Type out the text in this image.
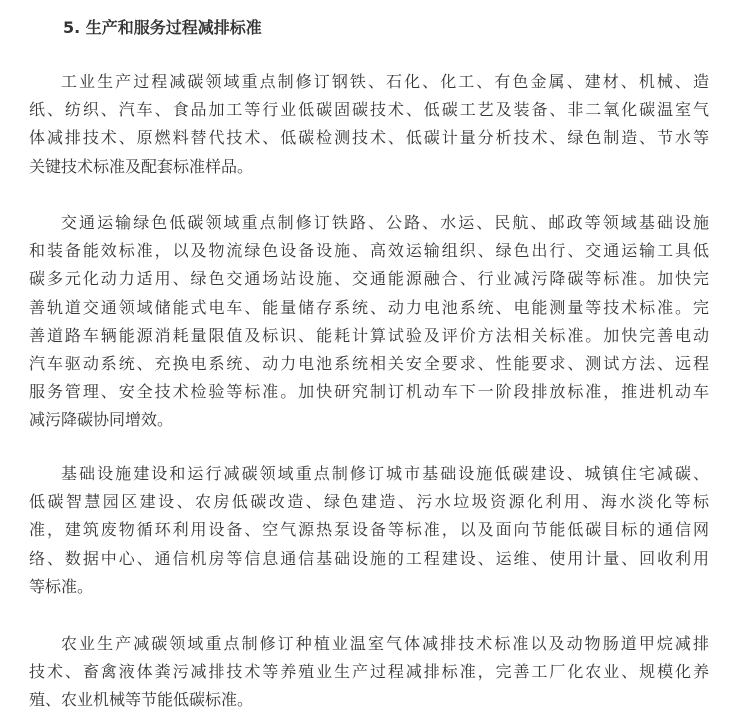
5. 生产和服务过程减排标准
工业生产过程减碳领域重点制修订钢铁、石化、化工、有色金属、建材、机械、造
纸、纺织、汽车、食品加工等行业低碳固碳技术、低碳工艺及装备、非二氧化碳温室气
体减排技术、原燃料替代技术、低碳检测技术、低碳计量分析技术、绿色制造、节水等
关键技术标准及配套标准样品。
交通运输绿色低碳领域重点制修订铁路、公路、水运、民航、邮政等领域基础设施
和装备能效标准，以及物流绿色设备设施、高效运输组织、绿色出行、交通运输工具低
碳多元化动力适用、绿色交通场站设施、交通能源融合、行业减污降碳等标准。加快完
善轨道交通领域储能式电车、能量储存系统、动力电池系统、电能测量等技术标准。完
善道路车辆能源消耗量限值及标识、能耗计算试验及评价方法相关标准。加快完善电动
汽车驱动系统、充换电系统、动力电池系统相关安全要求、性能要求、测试方法、远程
服务管理、安全技术检验等标准。加快研究制订机动车下一阶段排放标准，推进机动车
减污降碳协同增效。
基础设施建设和运行减碳领域重点制修订城市基础设施低碳建设、城镇住宅减碳、
低碳智慧园区建设、农房低碳改造、绿色建造、污水垃圾资源化利用、海水淡化等标
准，建筑废物循环利用设备、空气源热泵设备等标准，以及面向节能低碳目标的通信网
络、数据中心、通信机房等信息通信基础设施的工程建设、运维、使用计量、回收利用
等标准。
农业生产减碳领域重点制修订种植业温室气体减排技术标准以及动物肠道甲烷减排
技术、畜禽液体粪污减排技术等养殖业生产过程减排标准，完善工厂化农业、规模化养
殖、农业机械等节能低碳标准。
